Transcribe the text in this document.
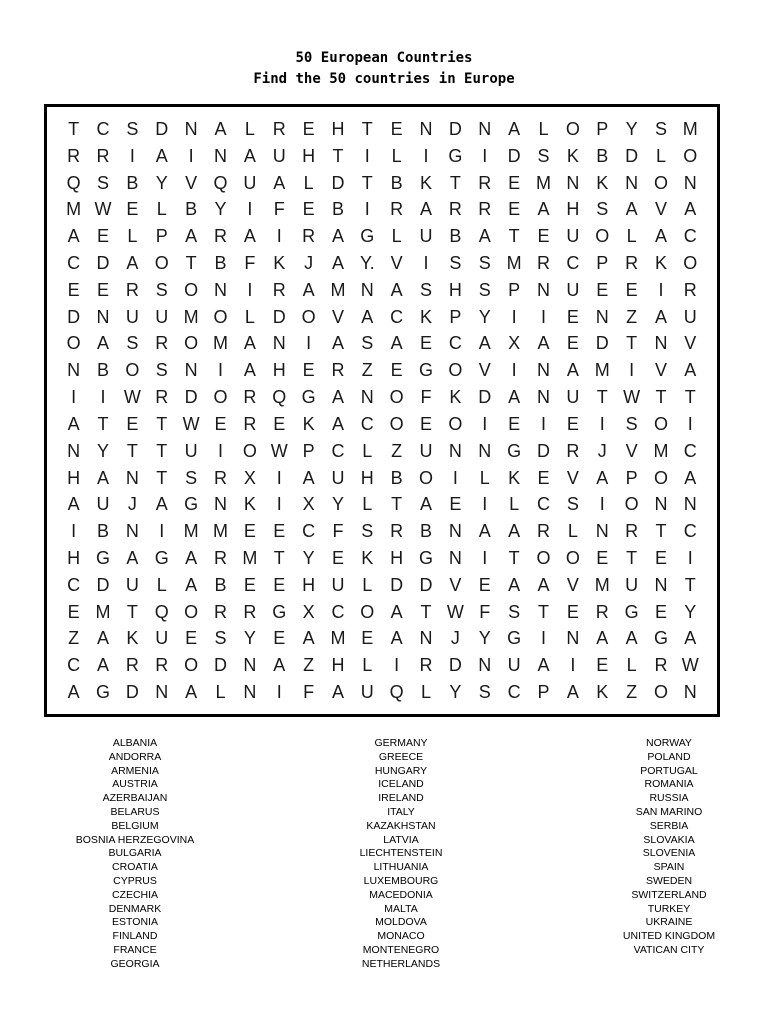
50 European Countries
Find the 50 countries in Europe
T C S D N A	L R E H T E N D N A	L O P Y S M
R R	I	A	I	N A U H T	I	L	I	G	I	D S K B D L O
Q S B Y V Q U A	L D T B K T R E M N K N O N
M W E	L	B Y	I	F E B	I	R A R R E A H S A V A
A E	L	P A R A	I	R A G L U B A T E U O L	A C
C D A O T B F K	J	A Y. V	I	S S M R C P R K O
E E R S O N	I	R A M N A S H S P N U E E	I	R
D N U U M O L D O V A C K P Y	I	I	E N Z A U
O A S R O M A N	I	A S A E C A X A E D T N V
N B O S N	I	A H E R Z E G O V	I	N A M	I	V A
I	I	W R D O R Q G A N O F K D A N U T W T	T
A T E T W E R E K A C O E O	I	E	I	E	I	S O	I
N Y T	T U	I	O W P C L	Z U N N G D R	J	V M C
H A N T S R X	I	A U H B O	I	L	K E V A P O A
A U	J	A G N K	I	X Y	L	T A E	I	L C S	I	O N N
I	B N	I	M M E E C F S R B N A A R L N R T C
H G A G A R M T Y E K H G N	I	T O O E T E	I
C D U L	A B E E H U L D D V E A A V M U N T
E M T Q O R R G X C O A T W F S T E R G E Y
Z A K U E S Y E A M E A N	J	Y G	I	N A A G A
C A R R O D N A Z H L	I	R D N U A	I	E	L R W
A G D N A	L N	I	F A U Q L	Y S C P A K Z O N
ALBANIA
ANDORRA
ARMENIA
AUSTRIA
AZERBAIJAN
BELARUS
BELGIUM
BOSNIA HERZEGOVINA
BULGARIA
CROATIA
CYPRUS
CZECHIA
DENMARK
ESTONIA
FINLAND
FRANCE
GEORGIA
GERMANY
GREECE
HUNGARY
ICELAND
IRELAND
ITALY
KAZAKHSTAN
LATVIA
LIECHTENSTEIN
LITHUANIA
LUXEMBOURG
MACEDONIA
MALTA
MOLDOVA
MONACO
MONTENEGRO
NETHERLANDS
NORWAY
POLAND
PORTUGAL
ROMANIA
RUSSIA
SAN MARINO
SERBIA
SLOVAKIA
SLOVENIA
SPAIN
SWEDEN
SWITZERLAND
TURKEY
UKRAINE
UNITED KINGDOM
VATICAN CITY
